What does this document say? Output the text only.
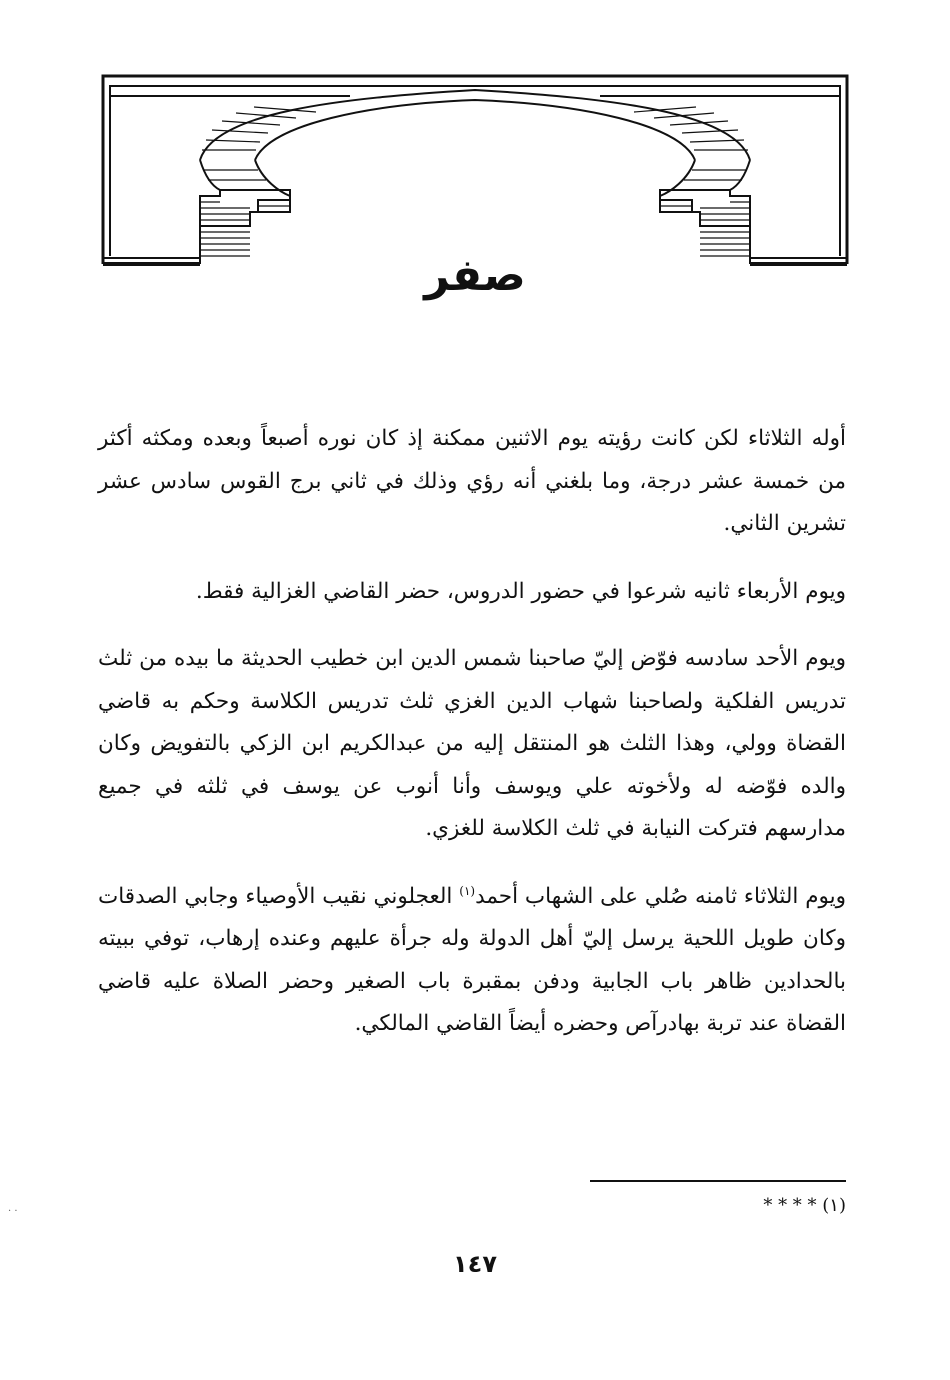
صفر

أوله الثلاثاء لكن كانت رؤيته يوم الاثنين ممكنة إذ كان نوره أصبعاً وبعده ومكثه أكثر من خمسة عشر درجة، وما بلغني أنه رؤي وذلك في ثاني برج القوس سادس عشر تشرين الثاني.

ويوم الأربعاء ثانيه شرعوا في حضور الدروس، حضر القاضي الغزالية فقط.

ويوم الأحد سادسه فوّض إليّ صاحبنا شمس الدين ابن خطيب الحديثة ما بيده من ثلث تدريس الفلكية ولصاحبنا شهاب الدين الغزي ثلث تدريس الكلاسة وحكم به قاضي القضاة وولي، وهذا الثلث هو المنتقل إليه من عبدالكريم ابن الزكي بالتفويض وكان والده فوّضه له ولأخوته علي ويوسف وأنا أنوب عن يوسف في ثلثه في جميع مدارسهم فتركت النيابة في ثلث الكلاسة للغزي.

ويوم الثلاثاء ثامنه صُلي على الشهاب أحمد$^{(١)}$ العجلوني نقيب الأوصياء وجابي الصدقات وكان طويل اللحية يرسل إليّ أهل الدولة وله جرأة عليهم وعنده إرهاب، توفي ببيته بالحدادين ظاهر باب الجابية ودفن بمقبرة باب الصغير وحضر الصلاة عليه قاضي القضاة عند تربة بهادرآص وحضره أيضاً القاضي المالكي.

(١) * * * *
١٤٧
· ·
